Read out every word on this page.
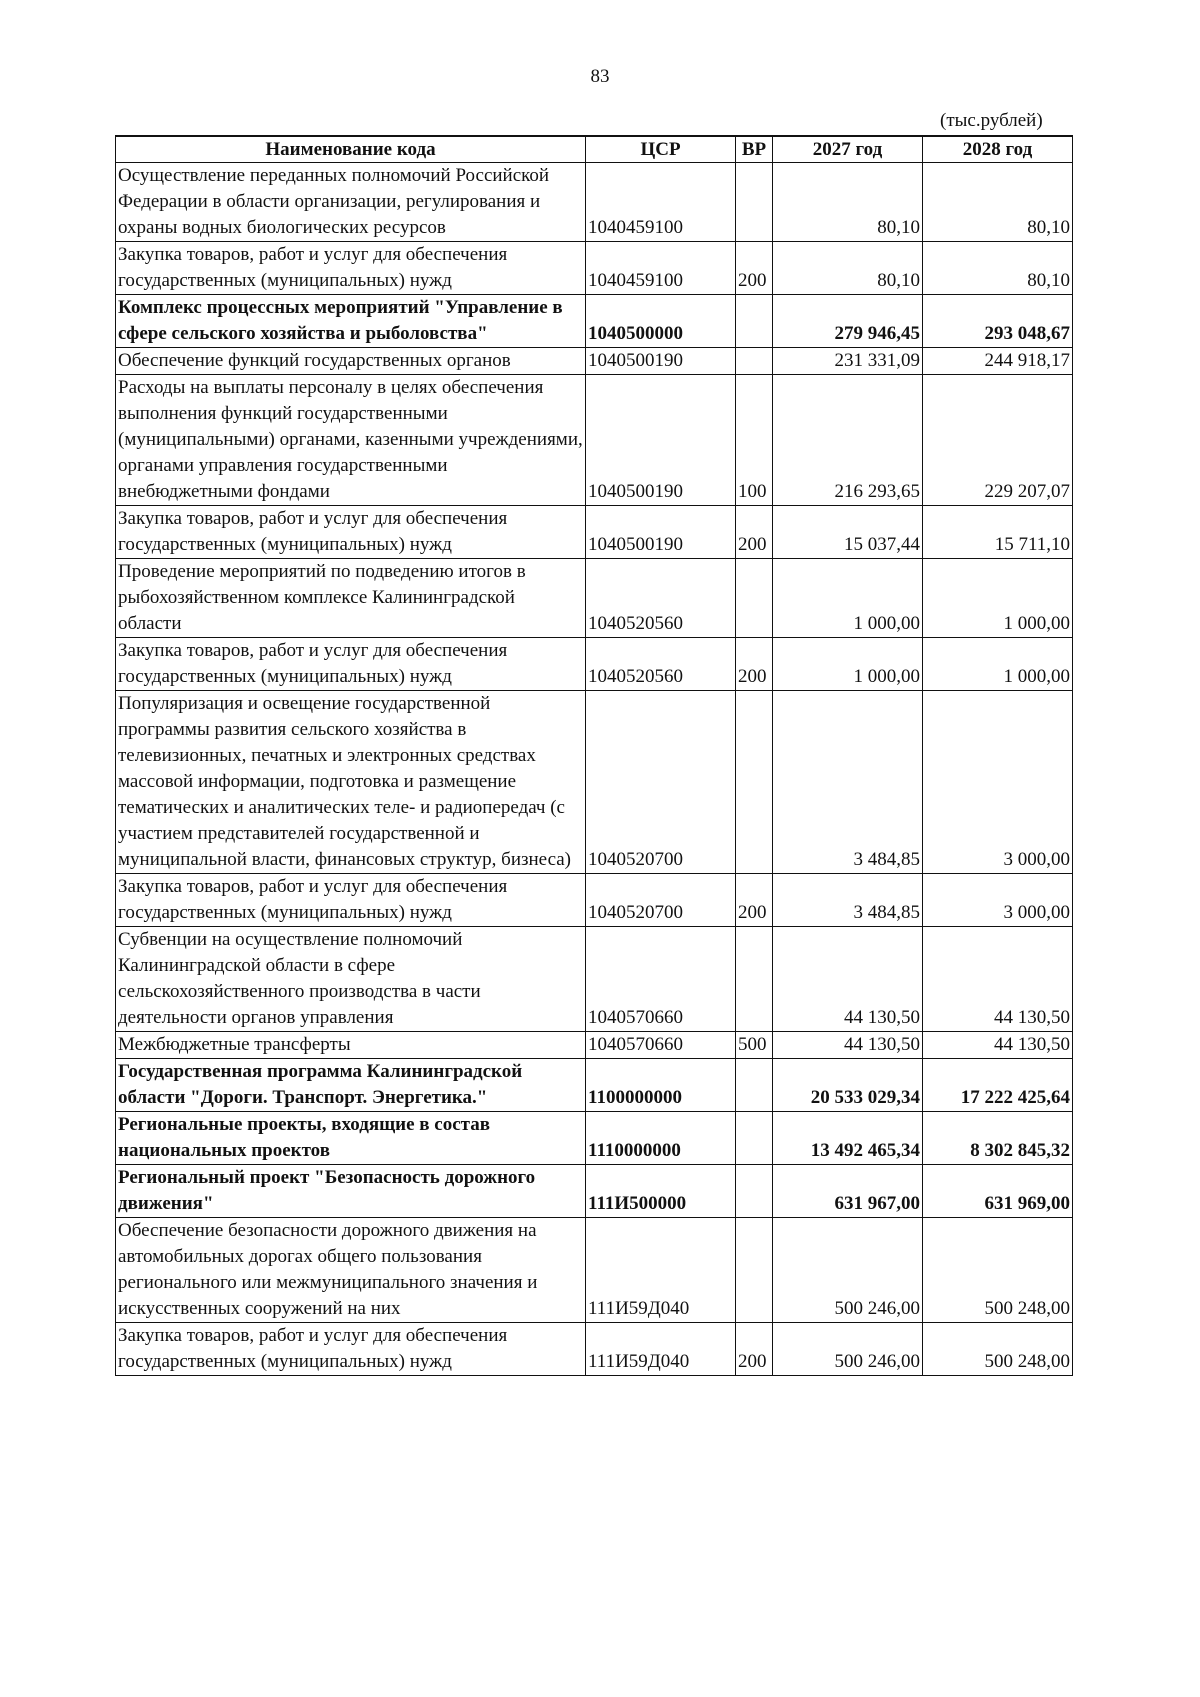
83
(тыс.рублей)
Наименование кода	ЦСР	ВР	2027 год	2028 год
Осуществление переданных полномочий Российской Федерации в области организации, регулирования и охраны водных биологических ресурсов	1040459100		80,10	80,10
Закупка товаров, работ и услуг для обеспечения государственных (муниципальных) нужд	1040459100	200	80,10	80,10
Комплекс процессных мероприятий "Управление в сфере сельского хозяйства и рыболовства"	1040500000		279 946,45	293 048,67
Обеспечение функций государственных органов	1040500190		231 331,09	244 918,17
Расходы на выплаты персоналу в целях обеспечения выполнения функций государственными (муниципальными) органами, казенными учреждениями, органами управления государственными внебюджетными фондами	1040500190	100	216 293,65	229 207,07
Закупка товаров, работ и услуг для обеспечения государственных (муниципальных) нужд	1040500190	200	15 037,44	15 711,10
Проведение мероприятий по подведению итогов в рыбохозяйственном комплексе Калининградской области	1040520560		1 000,00	1 000,00
Закупка товаров, работ и услуг для обеспечения государственных (муниципальных) нужд	1040520560	200	1 000,00	1 000,00
Популяризация и освещение государственной программы развития сельского хозяйства в телевизионных, печатных и электронных средствах массовой информации, подготовка и размещение тематических и аналитических теле- и радиопередач (с участием представителей государственной и муниципальной власти, финансовых структур, бизнеса)	1040520700		3 484,85	3 000,00
Закупка товаров, работ и услуг для обеспечения государственных (муниципальных) нужд	1040520700	200	3 484,85	3 000,00
Субвенции на осуществление полномочий Калининградской области в сфере сельскохозяйственного производства в части деятельности органов управления	1040570660		44 130,50	44 130,50
Межбюджетные трансферты	1040570660	500	44 130,50	44 130,50
Государственная программа Калининградской области "Дороги. Транспорт. Энергетика."	1100000000		20 533 029,34	17 222 425,64
Региональные проекты, входящие в состав национальных проектов	1110000000		13 492 465,34	8 302 845,32
Региональный проект "Безопасность дорожного движения"	111И500000		631 967,00	631 969,00
Обеспечение безопасности дорожного движения на автомобильных дорогах общего пользования регионального или межмуниципального значения и искусственных сооружений на них	111И59Д040		500 246,00	500 248,00
Закупка товаров, работ и услуг для обеспечения государственных (муниципальных) нужд	111И59Д040	200	500 246,00	500 248,00
